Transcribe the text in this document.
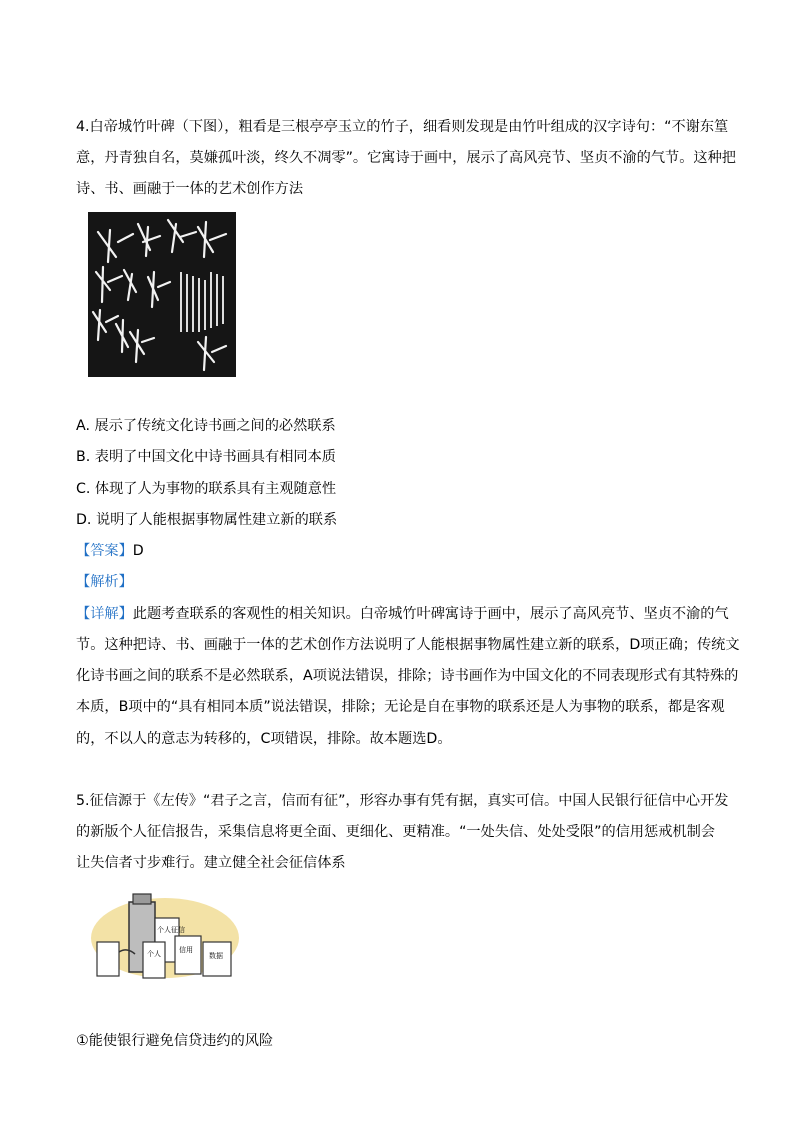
4.白帝城竹叶碑（下图），粗看是三根亭亭玉立的竹子，细看则发现是由竹叶组成的汉字诗句：“不谢东篁
意，丹青独自名，莫嫌孤叶淡，终久不凋零”。它寓诗于画中，展示了高风亮节、坚贞不渝的气节。这种把
诗、书、画融于一体的艺术创作方法
A. 展示了传统文化诗书画之间的必然联系
B. 表明了中国文化中诗书画具有相同本质
C. 体现了人为事物的联系具有主观随意性
D. 说明了人能根据事物属性建立新的联系
【答案】D
【解析】
【详解】此题考查联系的客观性的相关知识。白帝城竹叶碑寓诗于画中，展示了高风亮节、坚贞不渝的气
节。这种把诗、书、画融于一体的艺术创作方法说明了人能根据事物属性建立新的联系，D项正确；传统文
化诗书画之间的联系不是必然联系，A项说法错误，排除；诗书画作为中国文化的不同表现形式有其特殊的
本质，B项中的“具有相同本质”说法错误，排除；无论是自在事物的联系还是人为事物的联系，都是客观
的，不以人的意志为转移的，C项错误，排除。故本题选D。
5.征信源于《左传》“君子之言，信而有征”，形容办事有凭有据，真实可信。中国人民银行征信中心开发
的新版个人征信报告，采集信息将更全面、更细化、更精准。“一处失信、处处受限”的信用惩戒机制会
让失信者寸步难行。建立健全社会征信体系
个人征信
个人	信用
数据
①能使银行避免信贷违约的风险
